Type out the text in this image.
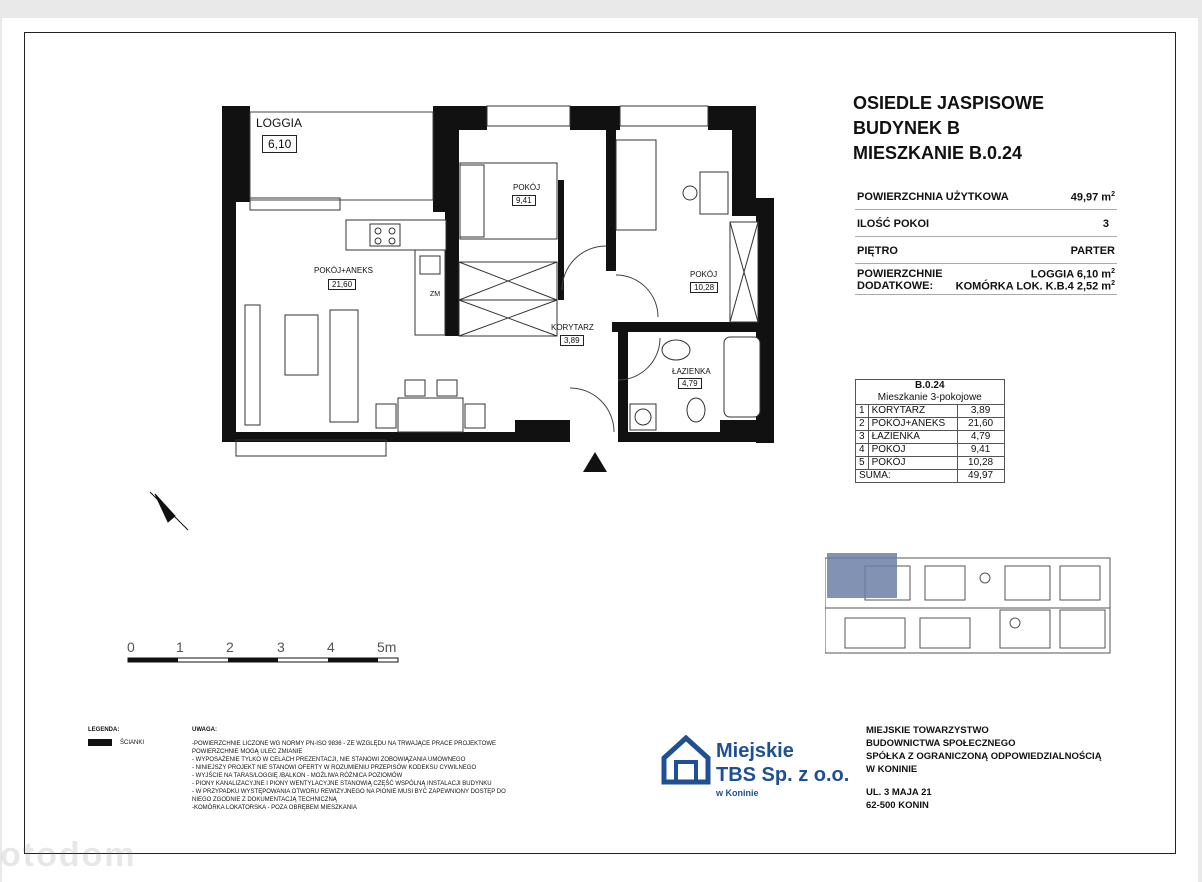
LOGGIA
6,10
POKÓJ
9,41
POKÓJ+ANEKS
21,60
POKÓJ
10,28
KORYTARZ
3,89
ŁAZIENKA
4,79
ZM
0	1	2	3	4	5m
OSIEDLE JASPISOWE
BUDYNEK B
MIESZKANIE B.0.24
POWIERZCHNIA UŻYTKOWA	49,97 $m^2$
ILOŚĆ POKOI	3
PIĘTRO	PARTER
POWIERZCHNIE
DODATKOWE:
LOGGIA 6,10 $m^2$
KOMÓRKA LOK. K.B.4 2,52 $m^2$
B.0.24		
Mieszkanie 3-pokojowe		
1	KORYTARZ	3,89
2	POKÓJ+ANEKS	21,60
3	ŁAZIENKA	4,79
4	POKÓJ	9,41
5	POKÓJ	10,28
SUMA:		49,97
LEGENDA:
ŚCIANKI
UWAGA:
-POWIERZCHNIE LICZONE WG NORMY PN-ISO 9836 - ZE WZGLĘDU NA TRWAJĄCE PRACE PROJEKTOWE
POWIERZCHNIE MOGĄ ULEC ZMIANIE
- WYPOSAŻENIE TYLKO W CELACH PREZENTACJI, NIE STANOWI ZOBOWIĄZANIA UMOWNEGO
- NINIEJSZY PROJEKT NIE STANOWI OFERTY W ROZUMIENIU PRZEPISÓW KODEKSU CYWILNEGO
- WYJŚCIE NA TARAS/LOGGIĘ /BALKON - MOŻLIWA RÓŻNICA POZIOMÓW
- PIONY KANALIZACYJNE I PIONY WENTYLACYJNE STANOWIĄ CZĘŚĆ WSPÓLNĄ INSTALACJI BUDYNKU
- W PRZYPADKU WYSTĘPOWANIA OTWORU REWIZYJNEGO NA PIONIE MUSI BYĆ ZAPEWNIONY DOSTĘP DO
NIEGO ZGODNIE Z DOKUMENTACJĄ TECHNICZNĄ
-KOMÓRKA LOKATORSKA - POZA OBRĘBEM MIESZKANIA
Miejskie
TBS Sp. z o.o.
w Koninie
MIEJSKIE TOWARZYSTWO
BUDOWNICTWA SPOŁECZNEGO
SPÓŁKA Z OGRANICZONĄ ODPOWIEDZIALNOŚCIĄ
W KONINIE
UL. 3 MAJA 21
62-500 KONIN
otodom
